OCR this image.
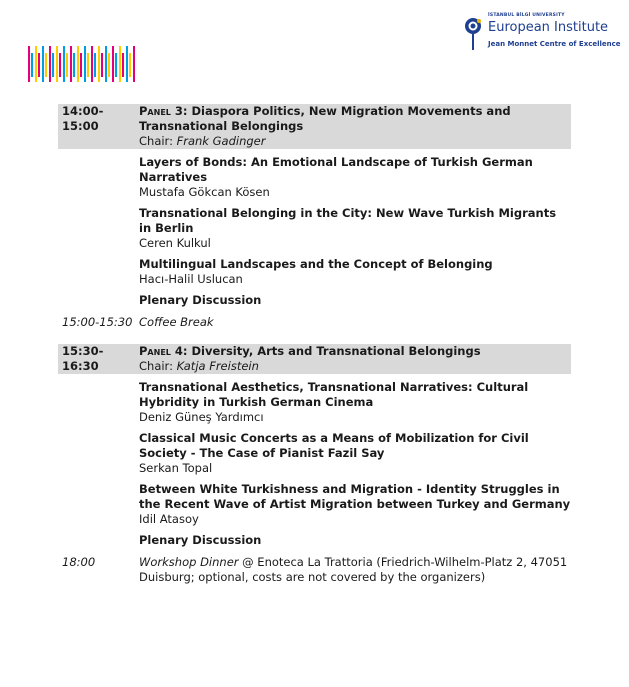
İSTANBUL BİLGİ UNIVERSITY
European Institute
Jean Monnet Centre of Excellence
14:00-15:00
Panel 3: Diaspora Politics, New Migration Movements and Transnational Belongings
Chair: Frank Gadinger
Layers of Bonds: An Emotional Landscape of Turkish German Narratives
Mustafa Gökcan Kösen
Transnational Belonging in the City: New Wave Turkish Migrants in Berlin
Ceren Kulkul
Multilingual Landscapes and the Concept of Belonging
Hacı-Halil Uslucan
Plenary Discussion
15:00-15:30 Coffee Break
15:30-16:30
Panel 4: Diversity, Arts and Transnational Belongings
Chair: Katja Freistein
Transnational Aesthetics, Transnational Narratives: Cultural Hybridity in Turkish German Cinema
Deniz Güneş Yardımcı
Classical Music Concerts as a Means of Mobilization for Civil Society - The Case of Pianist Fazil Say
Serkan Topal
Between White Turkishness and Migration - Identity Struggles in the Recent Wave of Artist Migration between Turkey and Germany
Idil Atasoy
Plenary Discussion
18:00	Workshop Dinner @ Enoteca La Trattoria (Friedrich-Wilhelm-Platz 2, 47051 Duisburg; optional, costs are not covered by the organizers)
